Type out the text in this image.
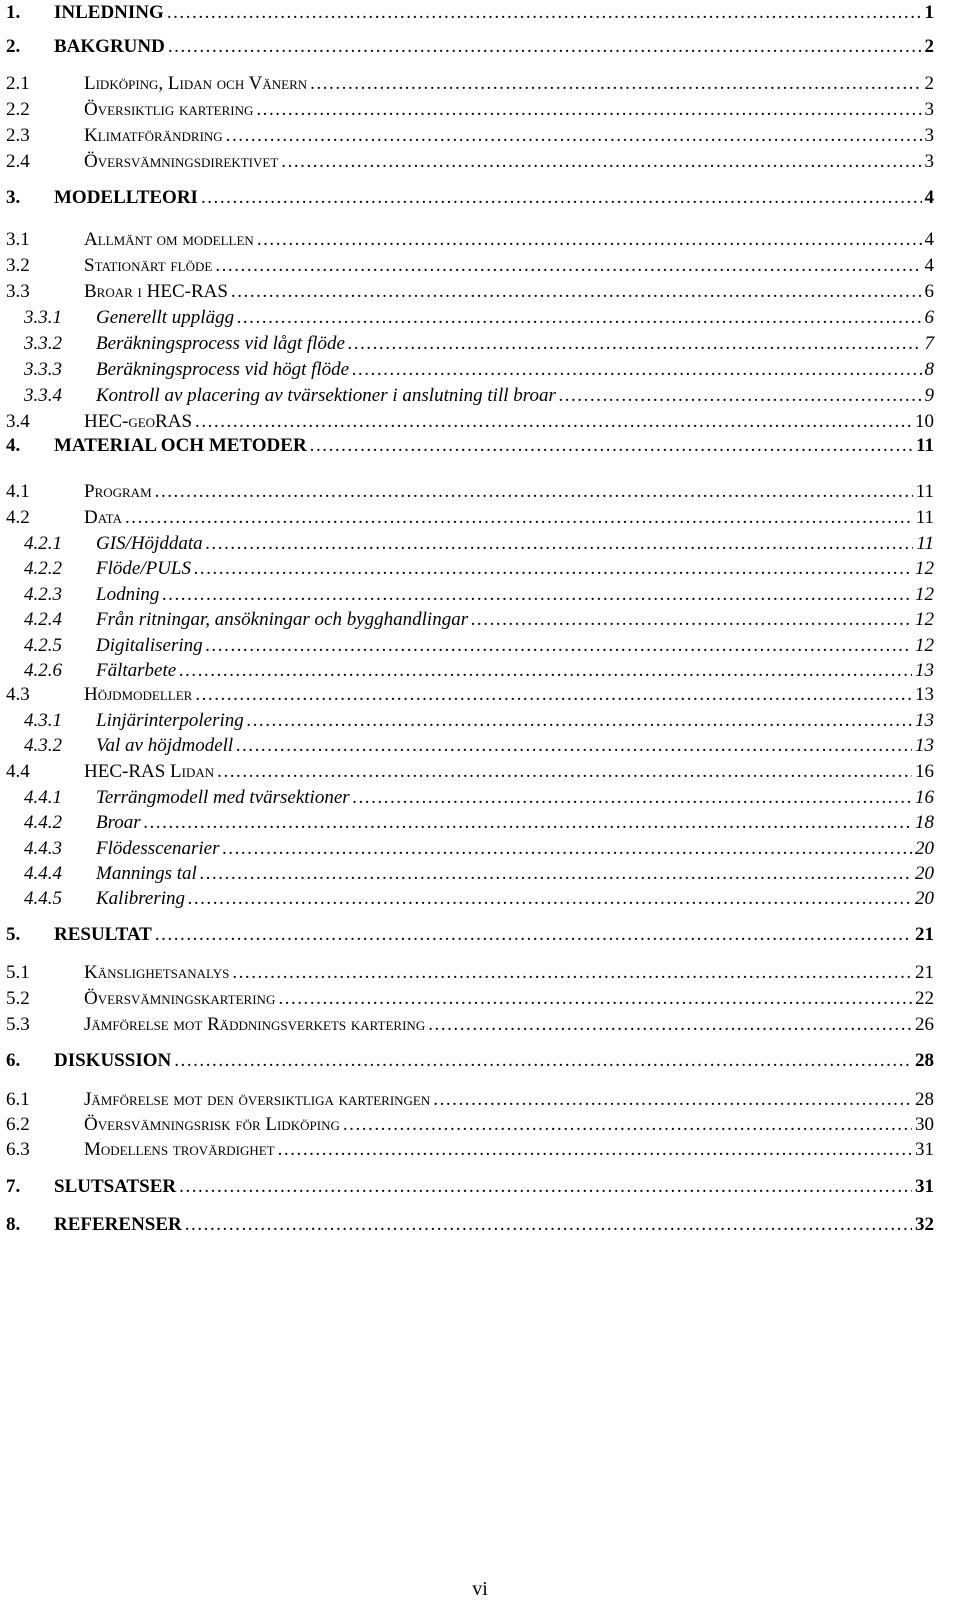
1.	INLEDNING . . .	1
2.	BAKGRUND . . .	2
2.1	Lidköping, Lidan och Vänern . . .	2
2.2	Översiktlig kartering . . .	3
2.3	Klimatförändring . . .	3
2.4	Översvämningsdirektivet . . .	3
3.	MODELLTEORI . . .	4
3.1	Allmänt om modellen . . .	4
3.2	Stationärt flöde . . .	4
3.3	Broar i HEC-RAS . . .	6
3.3.1	Generellt upplägg . . .	6
3.3.2	Beräkningsprocess vid lågt flöde . . .	7
3.3.3	Beräkningsprocess vid högt flöde . . .	8
3.3.4	Kontroll av placering av tvärsektioner i anslutning till broar . . .	9
3.4	HEC-geoRAS . . .	10
4.	MATERIAL OCH METODER . . .	11
4.1	Program . . .	11
4.2	Data . . .	11
4.2.1	GIS/Höjddata . . .	11
4.2.2	Flöde/PULS . . .	12
4.2.3	Lodning . . .	12
4.2.4	Från ritningar, ansökningar och bygghandlingar . . .	12
4.2.5	Digitalisering . . .	12
4.2.6	Fältarbete . . .	13
4.3	Höjdmodeller . . .	13
4.3.1	Linjärinterpolering . . .	13
4.3.2	Val av höjdmodell . . .	13
4.4	HEC-RAS Lidan . . .	16
4.4.1	Terrängmodell med tvärsektioner . . .	16
4.4.2	Broar . . .	18
4.4.3	Flödesscenarier . . .	20
4.4.4	Mannings tal . . .	20
4.4.5	Kalibrering . . .	20
5.	RESULTAT . . .	21
5.1	Känslighetsanalys . . .	21
5.2	Översvämningskartering . . .	22
5.3	Jämförelse mot Räddningsverkets kartering . . .	26
6.	DISKUSSION . . .	28
6.1	Jämförelse mot den översiktliga karteringen . . .	28
6.2	Översvämningsrisk för Lidköping . . .	30
6.3	Modellens trovärdighet . . .	31
7.	SLUTSATSER . . .	31
8.	REFERENSER . . .	32
vi
